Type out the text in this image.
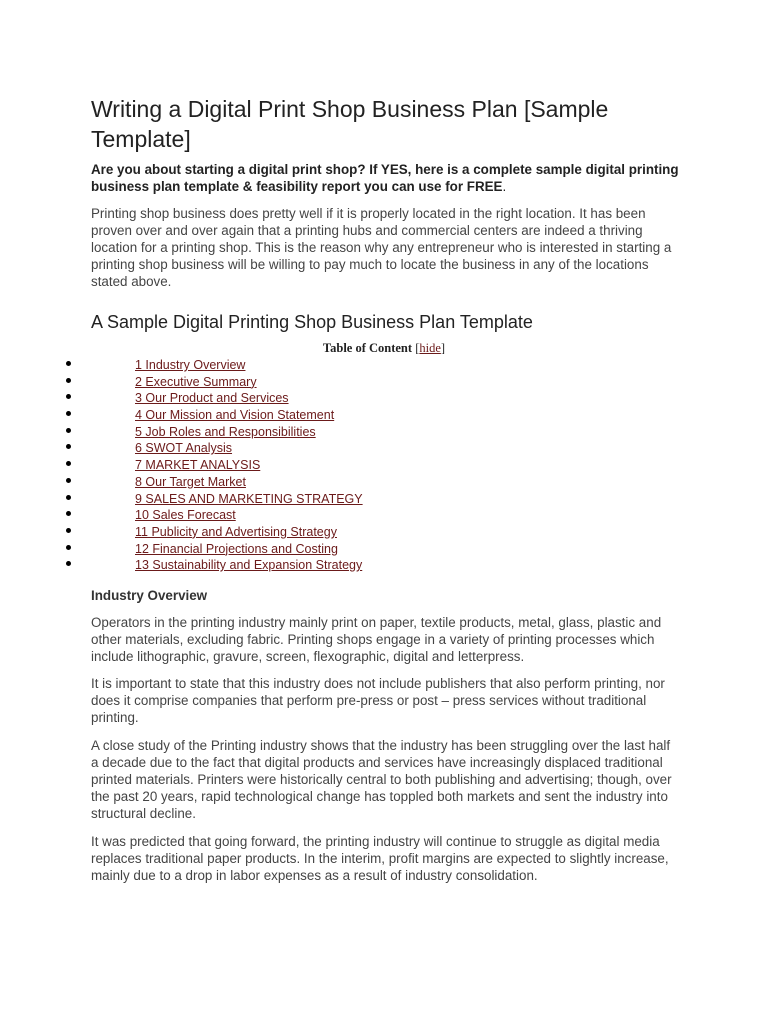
Writing a Digital Print Shop Business Plan [Sample Template]

Are you about starting a digital print shop? If YES, here is a complete sample digital printing business plan template & feasibility report you can use for FREE.

Printing shop business does pretty well if it is properly located in the right location. It has been proven over and over again that a printing hubs and commercial centers are indeed a thriving location for a printing shop. This is the reason why any entrepreneur who is interested in starting a printing shop business will be willing to pay much to locate the business in any of the locations stated above.

A Sample Digital Printing Shop Business Plan Template
Table of Content [hide]
1 Industry Overview
2 Executive Summary
3 Our Product and Services
4 Our Mission and Vision Statement
5 Job Roles and Responsibilities
6 SWOT Analysis
7 MARKET ANALYSIS
8 Our Target Market
9 SALES AND MARKETING STRATEGY
10 Sales Forecast
11 Publicity and Advertising Strategy
12 Financial Projections and Costing
13 Sustainability and Expansion Strategy
Industry Overview

Operators in the printing industry mainly print on paper, textile products, metal, glass, plastic and other materials, excluding fabric. Printing shops engage in a variety of printing processes which include lithographic, gravure, screen, flexographic, digital and letterpress.

It is important to state that this industry does not include publishers that also perform printing, nor does it comprise companies that perform pre-press or post – press services without traditional printing.

A close study of the Printing industry shows that the industry has been struggling over the last half a decade due to the fact that digital products and services have increasingly displaced traditional printed materials. Printers were historically central to both publishing and advertising; though, over the past 20 years, rapid technological change has toppled both markets and sent the industry into structural decline.

It was predicted that going forward, the printing industry will continue to struggle as digital media replaces traditional paper products. In the interim, profit margins are expected to slightly increase, mainly due to a drop in labor expenses as a result of industry consolidation.
